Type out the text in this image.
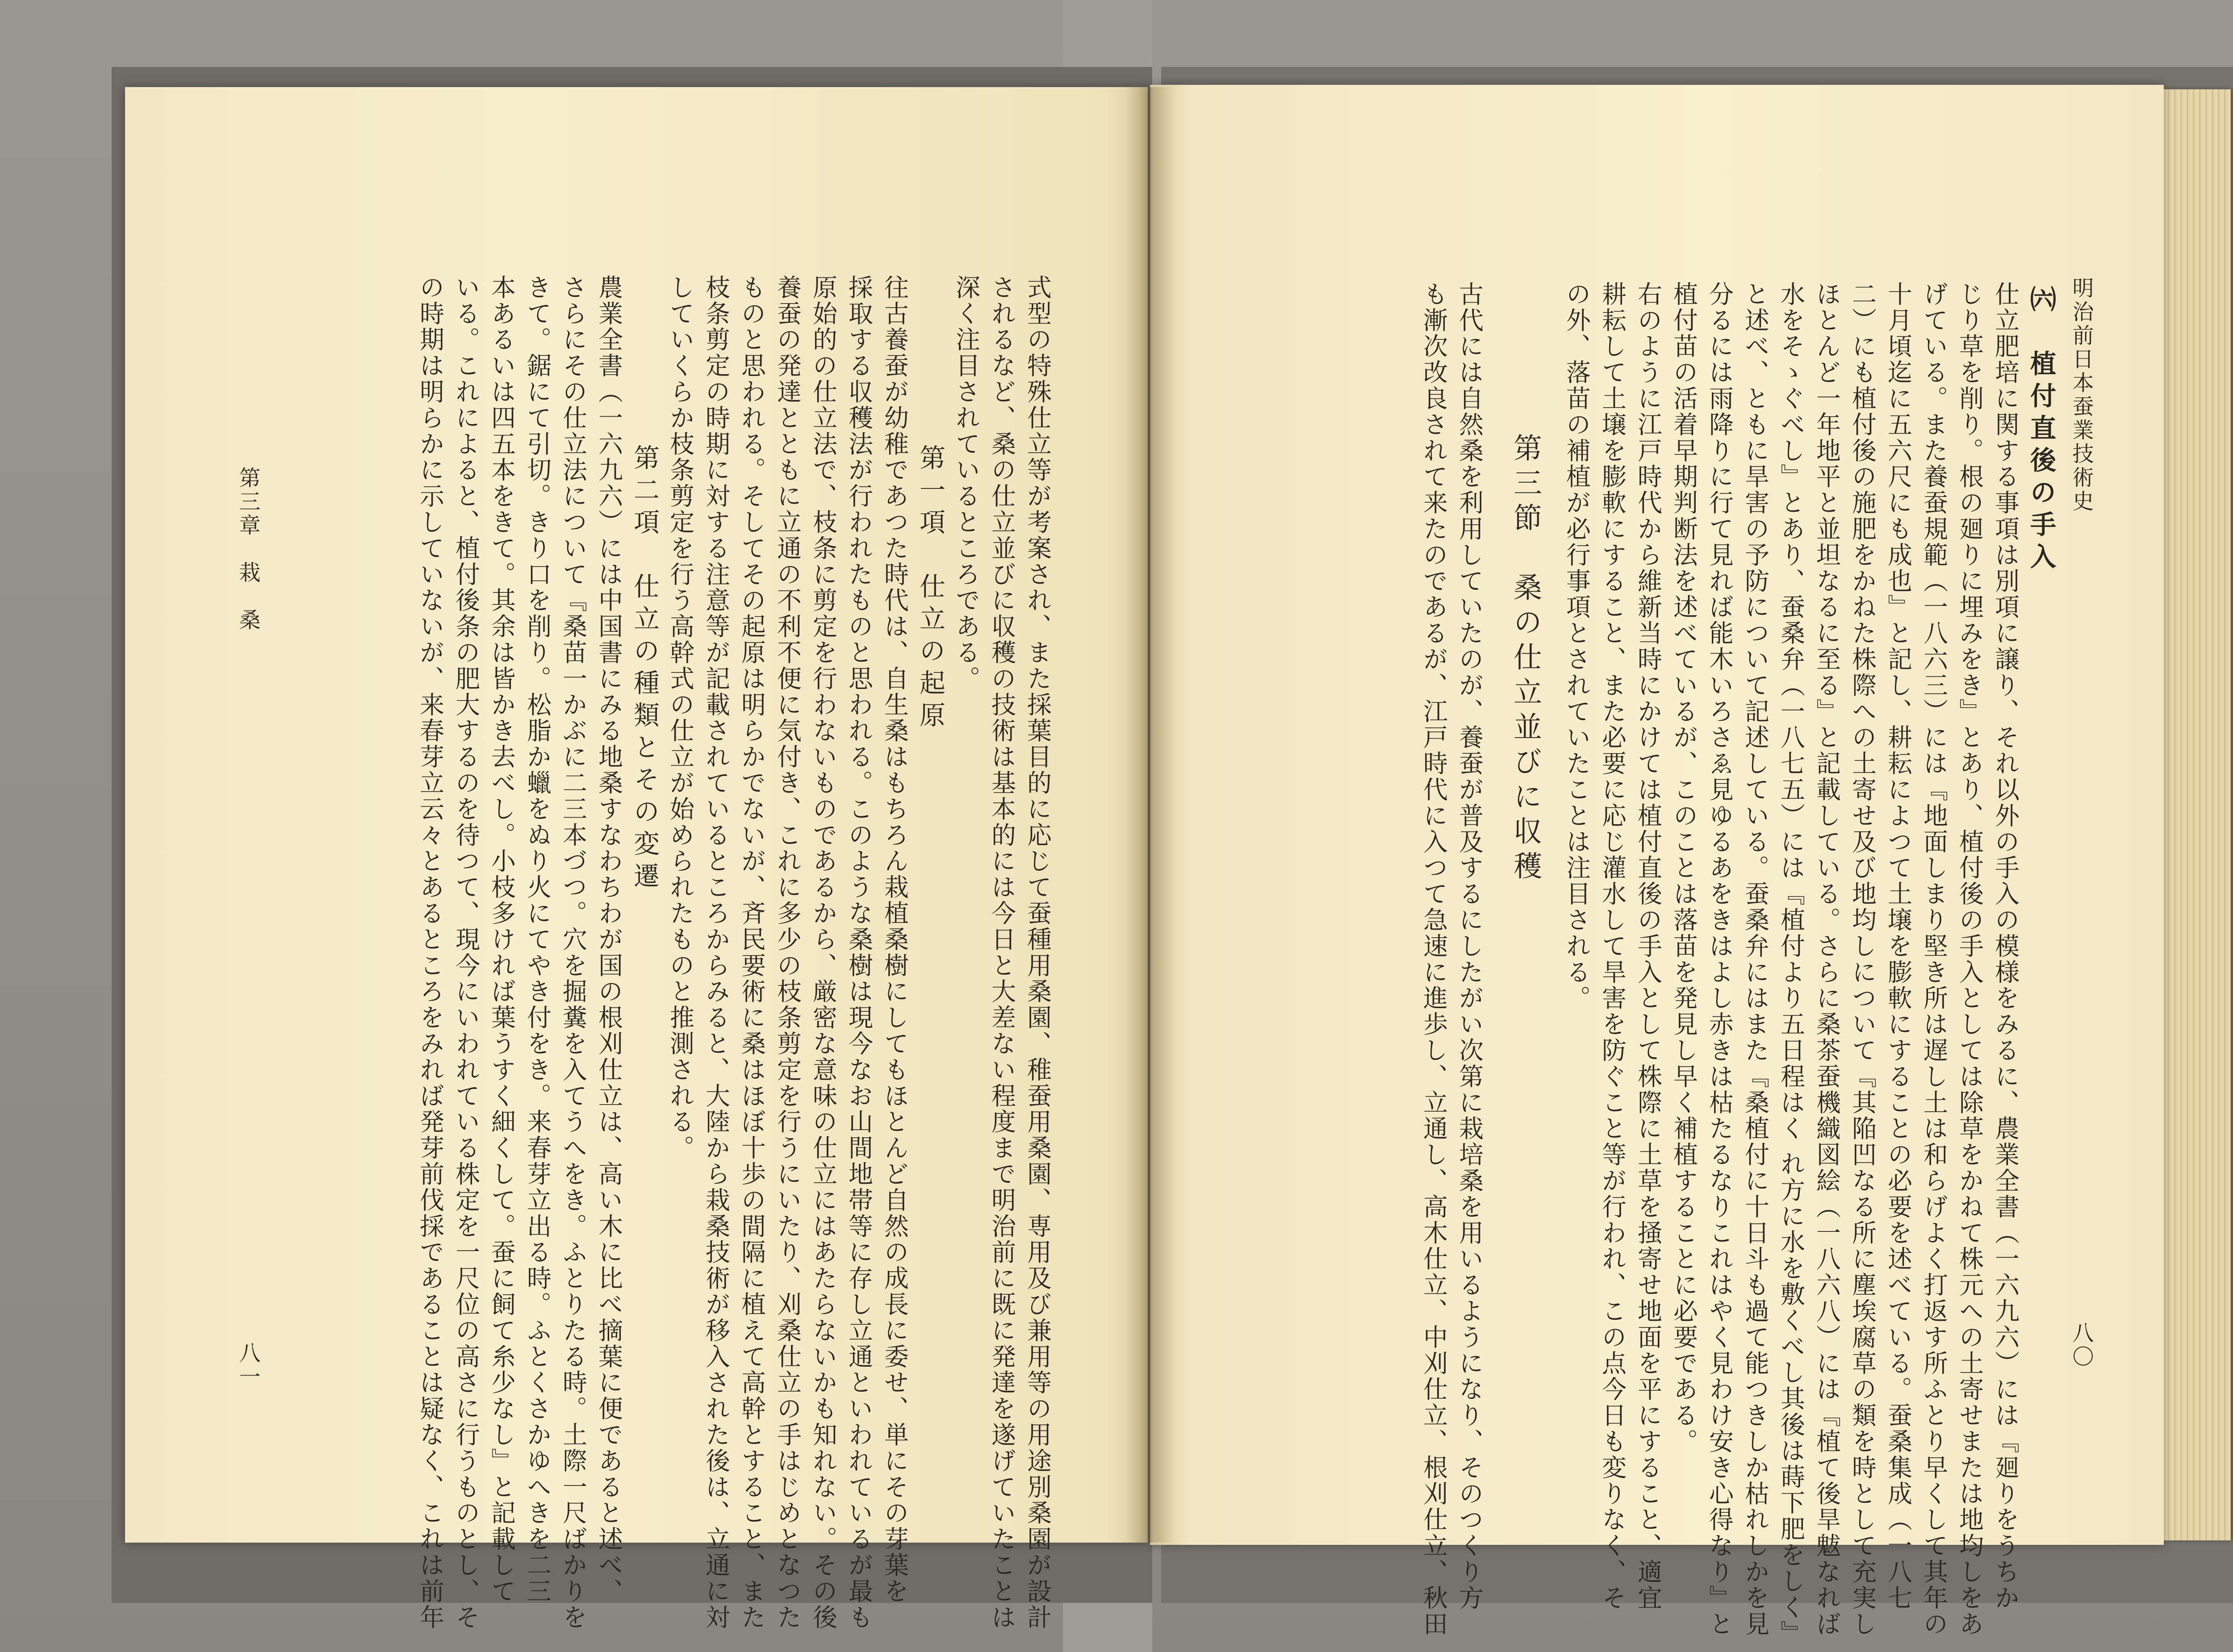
式型の特殊仕立等が考案され、また採葉目的に応じて蚕種用桑園、稚蚕用桑園、専用及び兼用等の用途別桑園が設計
されるなど、桑の仕立並びに収穫の技術は基本的には今日と大差ない程度まで明治前に既に発達を遂げていたことは
深く注目されているところである。
第一項　仕立の起原
往古養蚕が幼稚であつた時代は、自生桑はもちろん栽植桑樹にしてもほとんど自然の成長に委せ、単にその芽葉を
採取する収穫法が行われたものと思われる。このような桑樹は現今なお山間地帯等に存し立通といわれているが最も
原始的の仕立法で、枝条に剪定を行わないものであるから、厳密な意味の仕立にはあたらないかも知れない。その後
養蚕の発達とともに立通の不利不便に気付き、これに多少の枝条剪定を行うにいたり、刈桑仕立の手はじめとなつた
ものと思われる。そしてその起原は明らかでないが、斉民要術に桑はほぼ十歩の間隔に植えて高幹とすること、また
枝条剪定の時期に対する注意等が記載されているところからみると、大陸から栽桑技術が移入された後は、立通に対
していくらか枝条剪定を行う高幹式の仕立が始められたものと推測される。
第二項　仕立の種類とその変遷
農業全書（一六九六）には中国書にみる地桑すなわちわが国の根刈仕立は、高い木に比べ摘葉に便であると述べ、
さらにその仕立法について『桑苗一かぶに二三本づつ。穴を掘糞を入てうへをき。ふとりたる時。土際一尺ばかりを
きて。鋸にて引切。きり口を削り。松脂か蠟をぬり火にてやき付をき。来春芽立出る時。ふとくさかゆへきを二三
本あるいは四五本をきて。其余は皆かき去べし。小枝多ければ葉うすく細くして。蚕に飼て糸少なし』と記載して
いる。これによると、植付後条の肥大するのを待つて、現今にいわれている株定を一尺位の高さに行うものとし、そ
の時期は明らかに示していないが、来春芽立云々とあるところをみれば発芽前伐採であることは疑なく、これは前年
第三章　栽　桑
八一
明治前日本蚕業技術史
八〇
㈥　植付直後の手入
仕立肥培に関する事項は別項に譲り、それ以外の手入の模様をみるに、農業全書（一六九六）には『廻りをうちか
じり草を削り。根の廻りに埋みをき』とあり、植付後の手入としては除草をかねて株元への土寄せまたは地均しをあ
げている。また養蚕規範（一八六三）には『地面しまり堅き所は遅し土は和らげよく打返す所ふとり早くして其年の
十月頃迄に五六尺にも成也』と記し、耕耘によつて土壌を膨軟にすることの必要を述べている。蚕桑集成（一八七
二）にも植付後の施肥をかねた株際への土寄せ及び地均しについて『其陥凹なる所に塵埃腐草の類を時として充実し
ほとんど一年地平と並坦なるに至る』と記載している。さらに桑茶蚕機織図絵（一八六八）には『植て後旱魃なれば
水をそゝぐべし』とあり、蚕桑弁（一八七五）には『植付より五日程はく れ方に水を敷くべし其後は蒔下肥をしく』
と述べ、ともに旱害の予防について記述している。蚕桑弁にはまた『桑植付に十日斗も過て能つきしか枯れしかを見
分るには雨降りに行て見れば能木いろさゑ見ゆるあをきはよし赤きは枯たるなりこれはやく見わけ安き心得なり』と
植付苗の活着早期判断法を述べているが、このことは落苗を発見し早く補植することに必要である。
右のように江戸時代から維新当時にかけては植付直後の手入として株際に土草を掻寄せ地面を平にすること、適宜
耕耘して土壌を膨軟にすること、また必要に応じ灌水して旱害を防ぐこと等が行われ、この点今日も変りなく、そ
の外、落苗の補植が必行事項とされていたことは注目される。
第三節　桑の仕立並びに収穫
古代には自然桑を利用していたのが、養蚕が普及するにしたがい次第に栽培桑を用いるようになり、そのつくり方
も漸次改良されて来たのであるが、江戸時代に入つて急速に進歩し、立通し、高木仕立、中刈仕立、根刈仕立、秋田
